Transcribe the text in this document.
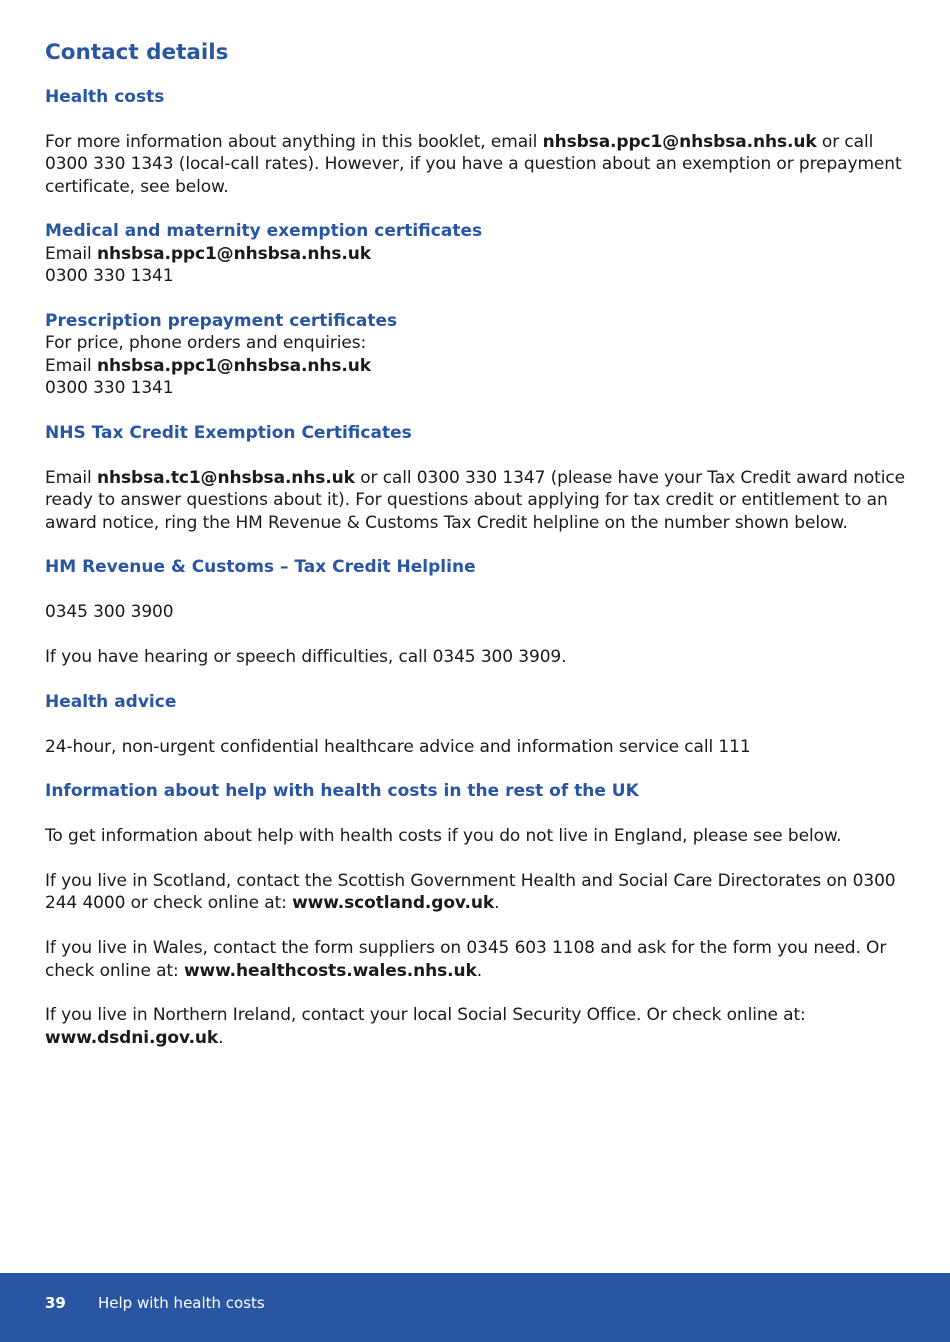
Contact details
Health costs

For more information about anything in this booklet, email nhsbsa.ppc1@nhsbsa.nhs.uk or call 0300 330 1343 (local-call rates). However, if you have a question about an exemption or prepayment certificate, see below.

Medical and maternity exemption certificates

Email nhsbsa.ppc1@nhsbsa.nhs.uk

0300 330 1341

Prescription prepayment certificates

For price, phone orders and enquiries:

Email nhsbsa.ppc1@nhsbsa.nhs.uk

0300 330 1341

NHS Tax Credit Exemption Certificates

Email nhsbsa.tc1@nhsbsa.nhs.uk or call 0300 330 1347 (please have your Tax Credit award notice ready to answer questions about it). For questions about applying for tax credit or entitlement to an award notice, ring the HM Revenue & Customs Tax Credit helpline on the number shown below.

HM Revenue & Customs – Tax Credit Helpline

0345 300 3900

If you have hearing or speech difficulties, call 0345 300 3909.

Health advice

24-hour, non-urgent confidential healthcare advice and information service call 111

Information about help with health costs in the rest of the UK

To get information about help with health costs if you do not live in England, please see below.

If you live in Scotland, contact the Scottish Government Health and Social Care Directorates on 0300 244 4000 or check online at: www.scotland.gov.uk.

If you live in Wales, contact the form suppliers on 0345 603 1108 and ask for the form you need. Or check online at: www.healthcosts.wales.nhs.uk.

If you live in Northern Ireland, contact your local Social Security Office. Or check online at: www.dsdni.gov.uk.

39 Help with health costs
